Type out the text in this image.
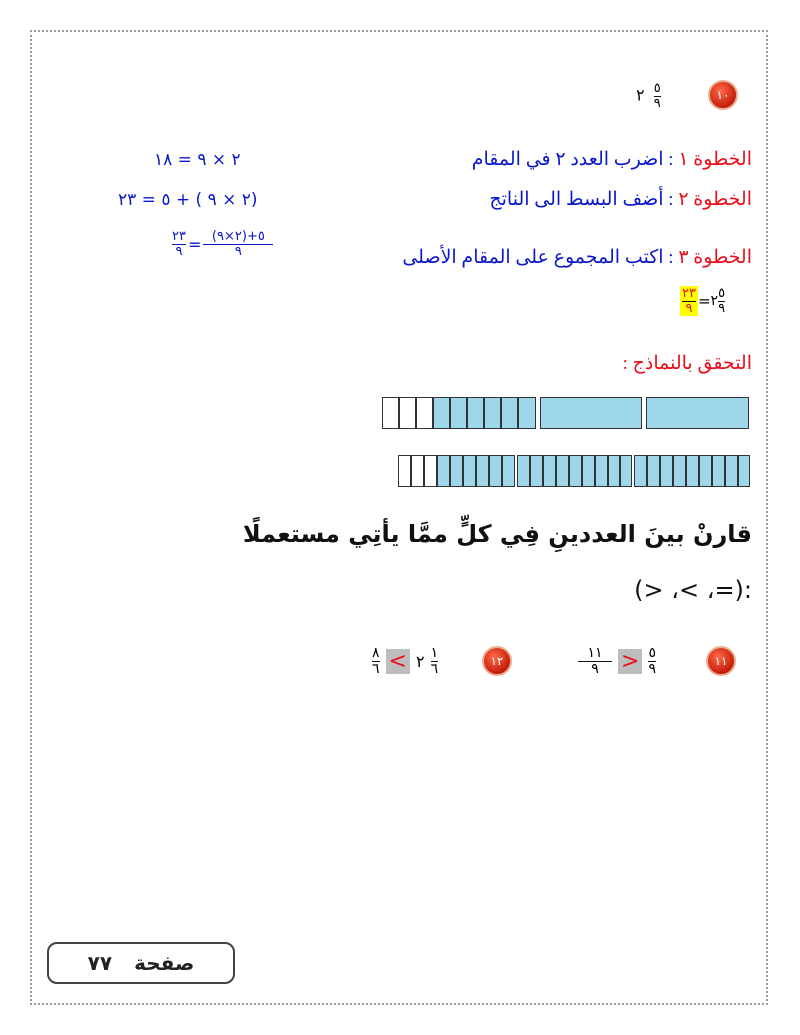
١٠
٢ $\frac{٥}{٩}$
الخطوة ١ : اضرب العدد ٢ في المقام
٢ × ٩ = ١٨
الخطوة ٢ : أضف البسط الى الناتج
(٢ × ٩ ) + ٥ = ٢٣
الخطوة ٣ : اكتب المجموع على المقام الأصلى
$\frac{٢٣}{٩} = \frac{(٢\times ٩)+٥}{٩}$
$\frac{٢٣}{٩}$ = ٢ $\frac{٥}{٩}$
التحقق بالنماذج :
قارنْ بينَ العددينِ فِي كلٍّ ممَّا يأتِي مستعملًا
:(=، >، <)
١١
$\frac{١١}{٩} > \frac{٥}{٩}$
١٢
$\frac{٨}{٦}$ < ٢ $\frac{١}{٦}$
صفحة
٧٧
